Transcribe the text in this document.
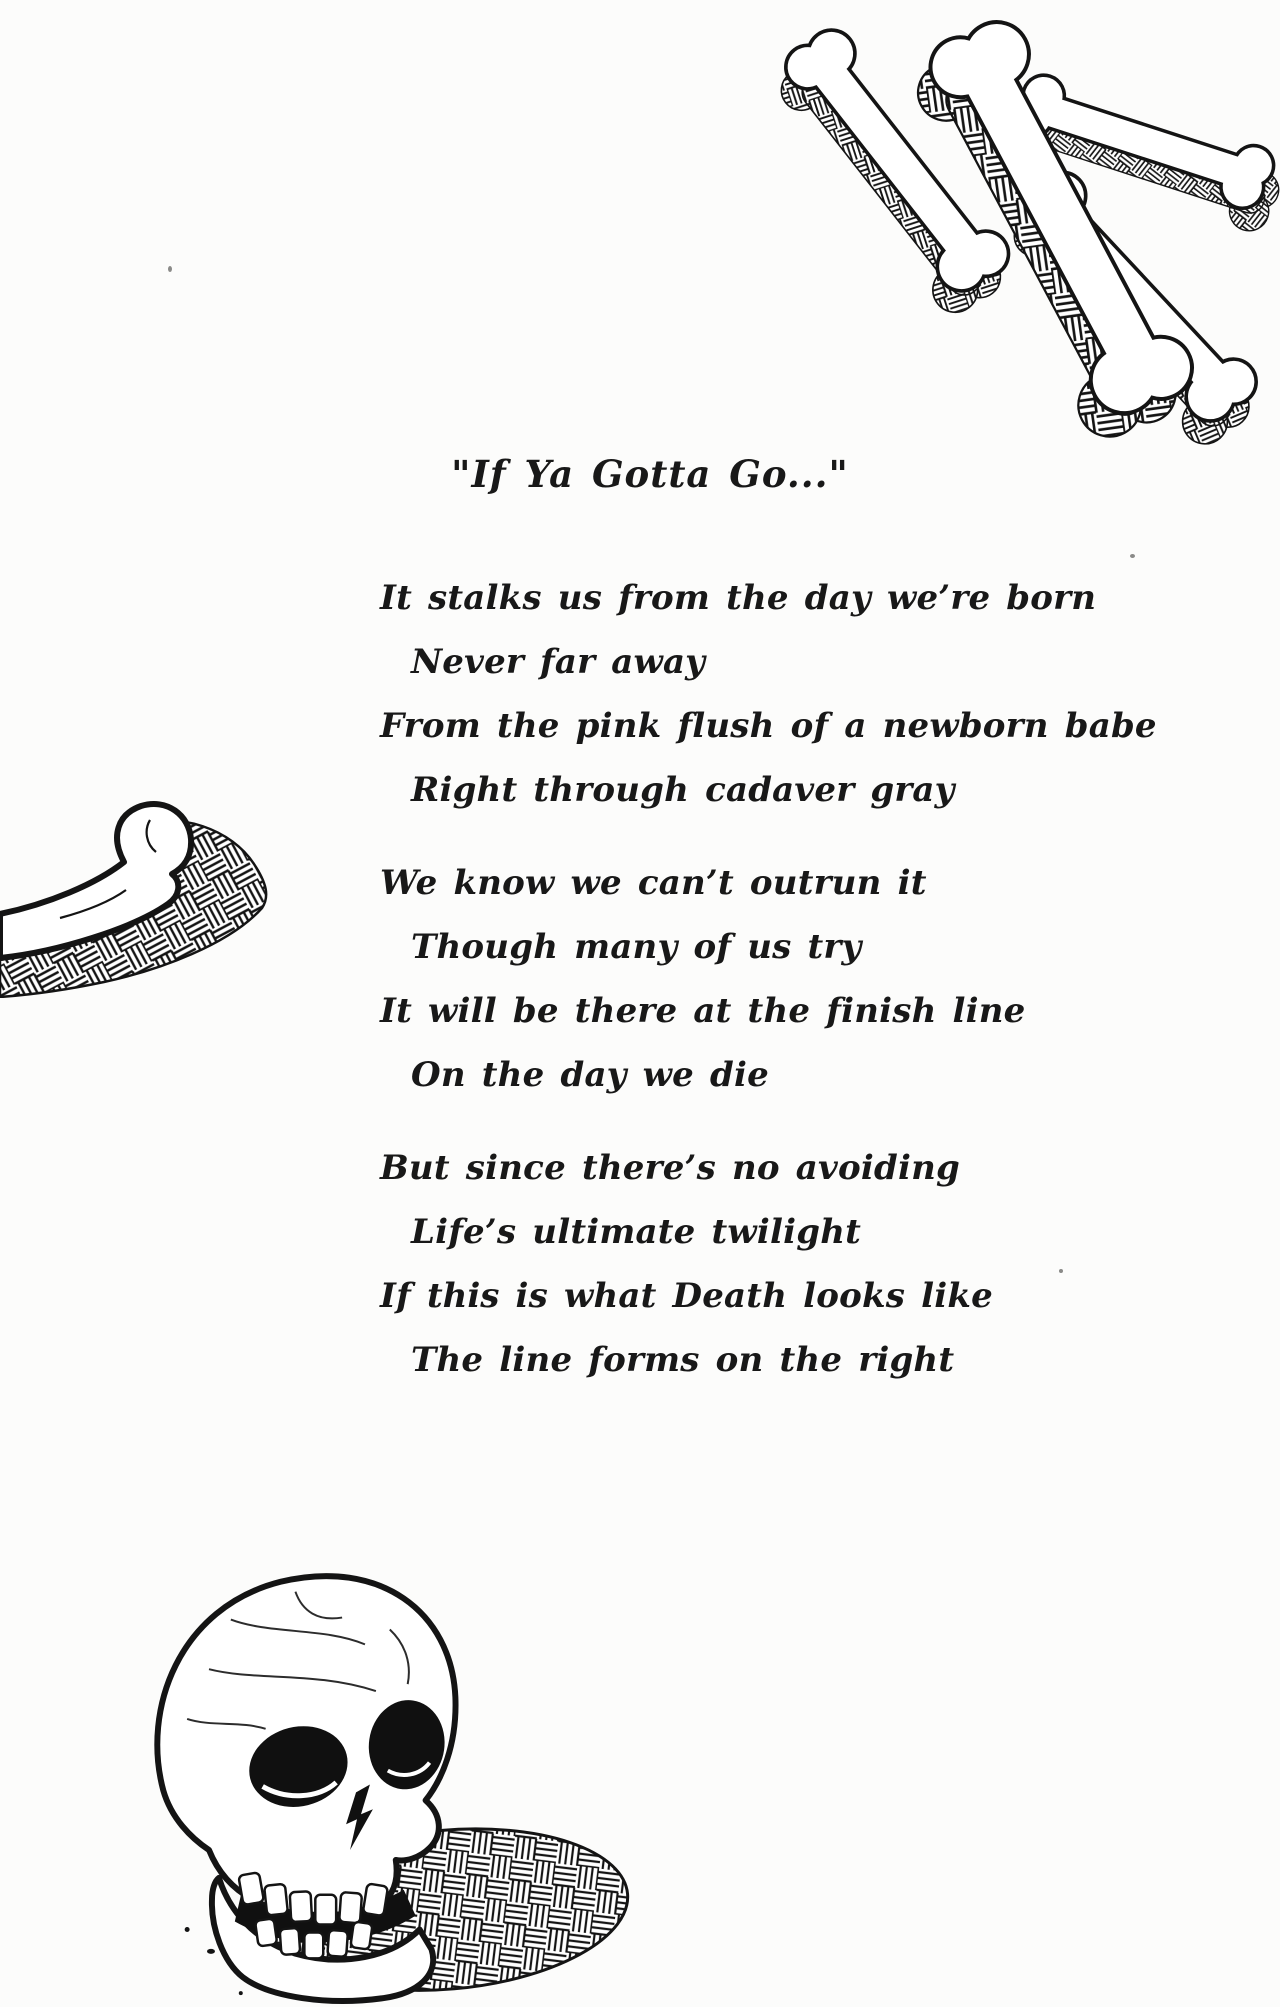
"If Ya Gotta Go..."

It stalks us from the day we’re born

Never far away

From the pink flush of a newborn babe

Right through cadaver gray

We know we can’t outrun it

Though many of us try

It will be there at the finish line

On the day we die

But since there’s no avoiding

Life’s ultimate twilight

If this is what Death looks like

The line forms on the right
